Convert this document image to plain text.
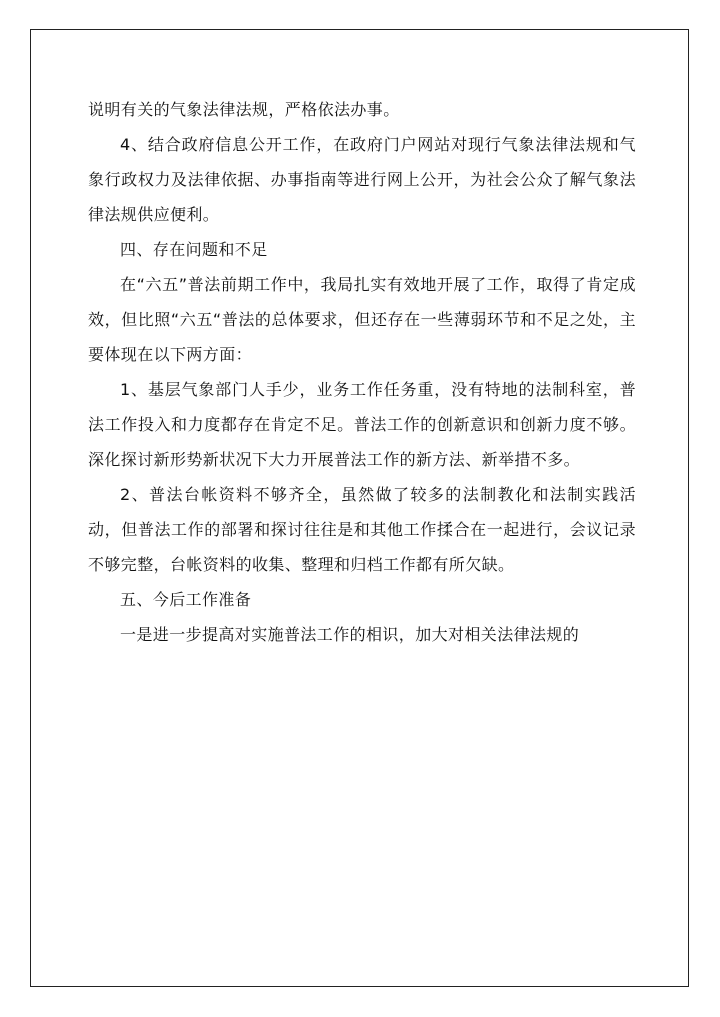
说明有关的气象法律法规，严格依法办事。

4、结合政府信息公开工作，在政府门户网站对现行气象法律法规和气象行政权力及法律依据、办事指南等进行网上公开，为社会公众了解气象法律法规供应便利。

四、存在问题和不足

在“六五”普法前期工作中，我局扎实有效地开展了工作，取得了肯定成效，但比照“六五“普法的总体要求，但还存在一些薄弱环节和不足之处，主要体现在以下两方面：

1、基层气象部门人手少，业务工作任务重，没有特地的法制科室，普法工作投入和力度都存在肯定不足。普法工作的创新意识和创新力度不够。深化探讨新形势新状况下大力开展普法工作的新方法、新举措不多。

2、普法台帐资料不够齐全，虽然做了较多的法制教化和法制实践活动，但普法工作的部署和探讨往往是和其他工作揉合在一起进行，会议记录不够完整，台帐资料的收集、整理和归档工作都有所欠缺。

五、今后工作准备

一是进一步提高对实施普法工作的相识，加大对相关法律法规的
